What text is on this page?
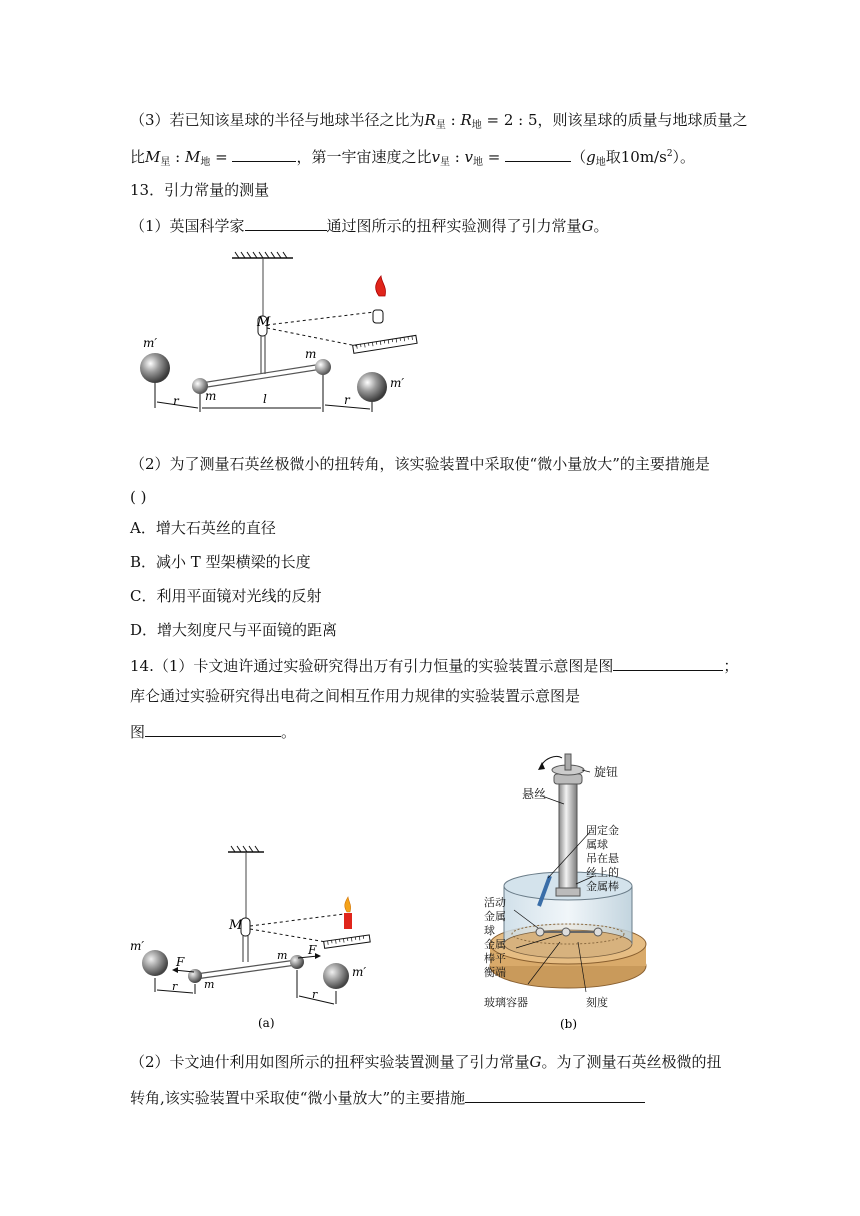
（3）若已知该星球的半径与地球半径之比为$R_星$ : $R_地 = 2$ : 5，则该星球的质量与地球质量之
比$M_星$ : $M_地$ =	，第一宇宙速度之比$v_星$ : $v_地$ =	（$g_地$取$10m/s^2$）。
13．引力常量的测量
（1）英国科学家	通过图所示的扭秤实验测得了引力常量G。
M
m
m
m′
m′
r	l	r
（2）为了测量石英丝极微小的扭转角，该实验装置中采取使“微小量放大”的主要措施是
( )
A．增大石英丝的直径
B．减小 T 型架横梁的长度
C．利用平面镜对光线的反射
D．增大刻度尺与平面镜的距离
14.（1）卡文迪许通过实验研究得出万有引力恒量的实验装置示意图是图	；
库仑通过实验研究得出电荷之间相互作用力规律的实验装置示意图是
图	。
M
m
m
m′
m′
F
F
r
r
(a)
旋钮
悬丝
固定金
属球
吊在悬
丝上的
金属棒
活动
金属
球
金属
棒平
衡端
玻璃容器	刻度
(b)
（2）卡文迪什利用如图所示的扭秤实验装置测量了引力常量G。为了测量石英丝极微的扭
转角,该实验装置中采取使“微小量放大”的主要措施
